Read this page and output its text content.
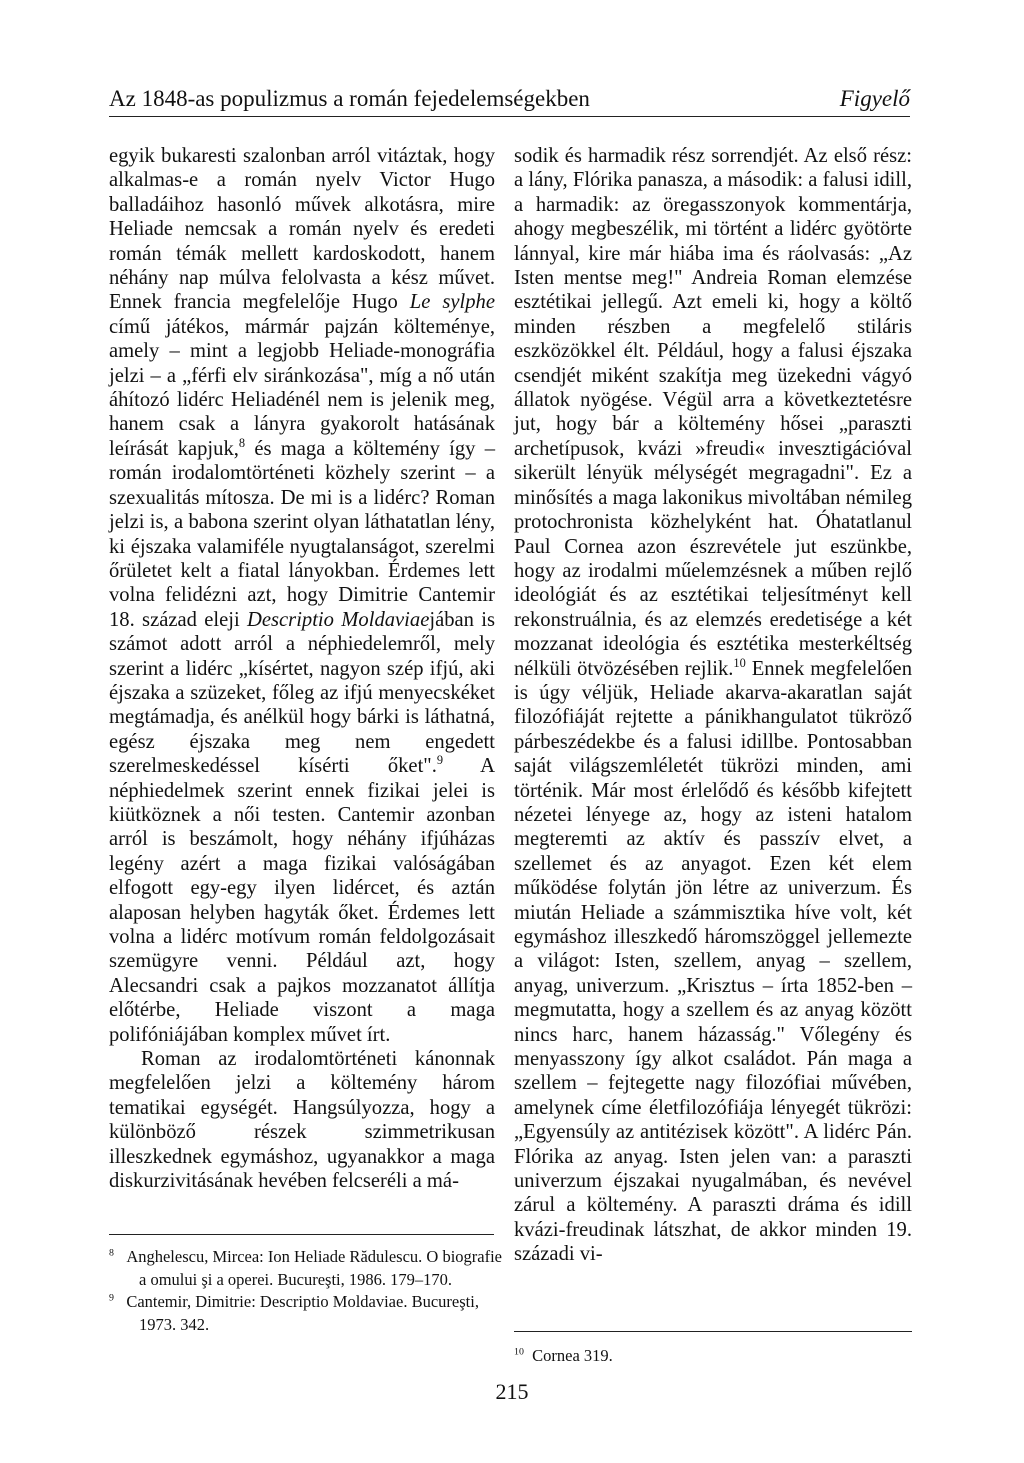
Az 1848-as populizmus a román fejedelemségekben	Figyelő

egyik bukaresti szalonban arról vitáztak, hogy alkalmas-e a román nyelv Victor Hugo balladáihoz hasonló művek alkotásra, mire Heliade nemcsak a román nyelv és eredeti román témák mellett kardoskodott, hanem néhány nap múlva felolvasta a kész művet. Ennek francia megfelelője Hugo Le sylphe című játékos, mármár pajzán költeménye, amely – mint a legjobb Heliade-monográfia jelzi – a „férfi elv siránkozása", míg a nő után áhítozó lidérc Heliadénél nem is jelenik meg, hanem csak a lányra gyakorolt hatásának leírását kapjuk,$^8$ és maga a költemény így – román irodalomtörténeti közhely szerint – a szexualitás mítosza. De mi is a lidérc? Roman jelzi is, a babona szerint olyan láthatatlan lény, ki éjszaka valamiféle nyugtalanságot, szerelmi őrületet kelt a fiatal lányokban. Érdemes lett volna felidézni azt, hogy Dimitrie Cantemir 18. század eleji Descriptio Moldaviaejában is számot adott arról a néphiedelemről, mely szerint a lidérc „kísértet, nagyon szép ifjú, aki éjszaka a szüzeket, főleg az ifjú menyecskéket megtámadja, és anélkül hogy bárki is láthatná, egész éjszaka meg nem engedett szerelmeskedéssel kísérti őket".$^9$ A néphiedelmek szerint ennek fizikai jelei is kiütköznek a női testen. Cantemir azonban arról is beszámolt, hogy néhány ifjúházas legény azért a maga fizikai valóságában elfogott egy-egy ilyen lidércet, és aztán alaposan helyben hagyták őket. Érdemes lett volna a lidérc motívum román feldolgozásait szemügyre venni. Például azt, hogy Alecsandri csak a pajkos mozzanatot állítja előtérbe, Heliade viszont a maga polifóniájában komplex művet írt.

Roman az irodalomtörténeti kánonnak megfelelően jelzi a költemény három tematikai egységét. Hangsúlyozza, hogy a különböző részek szimmetrikusan illeszkednek egymáshoz, ugyanakkor a maga diskurzivitásának hevében felcseréli a má-

sodik és harmadik rész sorrendjét. Az első rész: a lány, Flórika panasza, a második: a falusi idill, a harmadik: az öregasszonyok kommentárja, ahogy megbeszélik, mi történt a lidérc gyötörte lánnyal, kire már hiába ima és ráolvasás: „Az Isten mentse meg!" Andreia Roman elemzése esztétikai jellegű. Azt emeli ki, hogy a költő minden részben a megfelelő stiláris eszközökkel élt. Például, hogy a falusi éjszaka csendjét miként szakítja meg üzekedni vágyó állatok nyögése. Végül arra a következtetésre jut, hogy bár a költemény hősei „paraszti archetípusok, kvázi »freudi« invesztigációval sikerült lényük mélységét megragadni". Ez a minősítés a maga lakonikus mivoltában némileg protochronista közhelyként hat. Óhatatlanul Paul Cornea azon észrevétele jut eszünkbe, hogy az irodalmi műelemzésnek a műben rejlő ideológiát és az esztétikai teljesítményt kell rekonstruálnia, és az elemzés eredetisége a két mozzanat ideológia és esztétika mesterkéltség nélküli ötvözésében rejlik.$^{10}$ Ennek megfelelően is úgy véljük, Heliade akarva-akaratlan saját filozófiáját rejtette a pánikhangulatot tükröző párbeszédekbe és a falusi idillbe. Pontosabban saját világszemléletét tükrözi minden, ami történik. Már most érlelődő és később kifejtett nézetei lényege az, hogy az isteni hatalom megteremti az aktív és passzív elvet, a szellemet és az anyagot. Ezen két elem működése folytán jön létre az univerzum. És miután Heliade a számmisztika híve volt, két egymáshoz illeszkedő háromszöggel jellemezte a világot: Isten, szellem, anyag – szellem, anyag, univerzum. „Krisztus – írta 1852-ben – megmutatta, hogy a szellem és az anyag között nincs harc, hanem házasság." Vőlegény és menyasszony így alkot családot. Pán maga a szellem – fejtegette nagy filozófiai művében, amelynek címe életfilozófiája lényegét tükrözi: „Egyensúly az antitézisek között". A lidérc Pán. Flórika az anyag. Isten jelen van: a paraszti univerzum éjszakai nyugalmában, és nevével zárul a költemény. A paraszti dráma és idill kvázi-freudinak látszhat, de akkor minden 19. századi vi-

$^8$ Anghelescu, Mircea: Ion Heliade Rădulescu. O biografie a omului şi a operei. Bucureşti, 1986. 179–170.

$^9$ Cantemir, Dimitrie: Descriptio Moldaviae. Bucureşti, 1973. 342.

$^{10}$ Cornea 319.

215
